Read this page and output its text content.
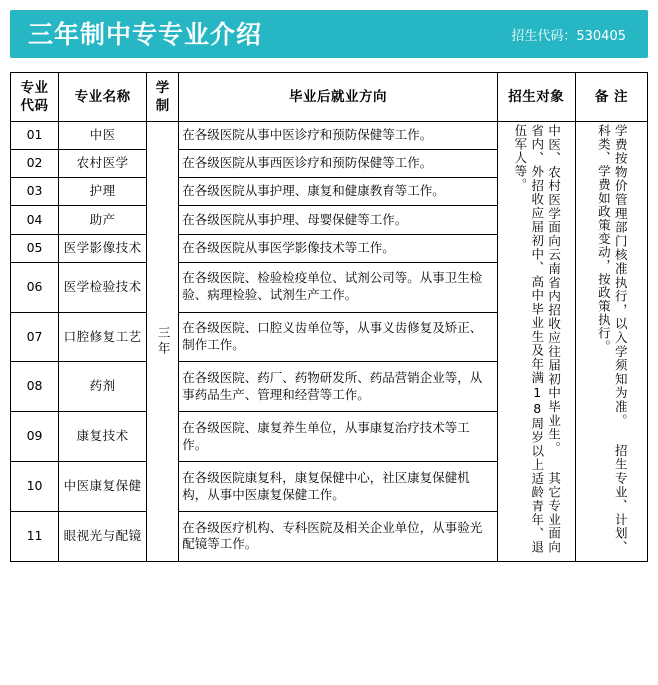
三年制中专专业介绍	招生代码：530405
专业代码	专业名称	学制	毕业后就业方向	招生对象	备 注
01	中医	三年	在各级医院从事中医诊疗和预防保健等工作。	中医、农村医学面向云南省内招收应往届初中毕业生。 其它专业面向省内、外招收应届初中、高中毕业生及年满18周岁以上适龄青年、退伍军人等。	学费按物价管理部门核准执行，以入学须知为准。 招生专业、计划、科类、学费如政策变动，按政策执行。
02	农村医学		在各级医院从事西医诊疗和预防保健等工作。		
03	护理		在各级医院从事护理、康复和健康教育等工作。		
04	助产		在各级医院从事护理、母婴保健等工作。		
05	医学影像技术		在各级医院从事医学影像技术等工作。		
06	医学检验技术		在各级医院、检验检疫单位、试剂公司等。从事卫生检验、病理检验、试剂生产工作。		
07	口腔修复工艺		在各级医院、口腔义齿单位等，从事义齿修复及矫正、制作工作。		
08	药剂		在各级医院、药厂、药物研发所、药品营销企业等，从事药品生产、管理和经营等工作。		
09	康复技术		在各级医院、康复养生单位，从事康复治疗技术等工作。		
10	中医康复保健		在各级医院康复科，康复保健中心，社区康复保健机构，从事中医康复保健工作。		
11	眼视光与配镜		在各级医疗机构、专科医院及相关企业单位，从事验光配镜等工作。		
